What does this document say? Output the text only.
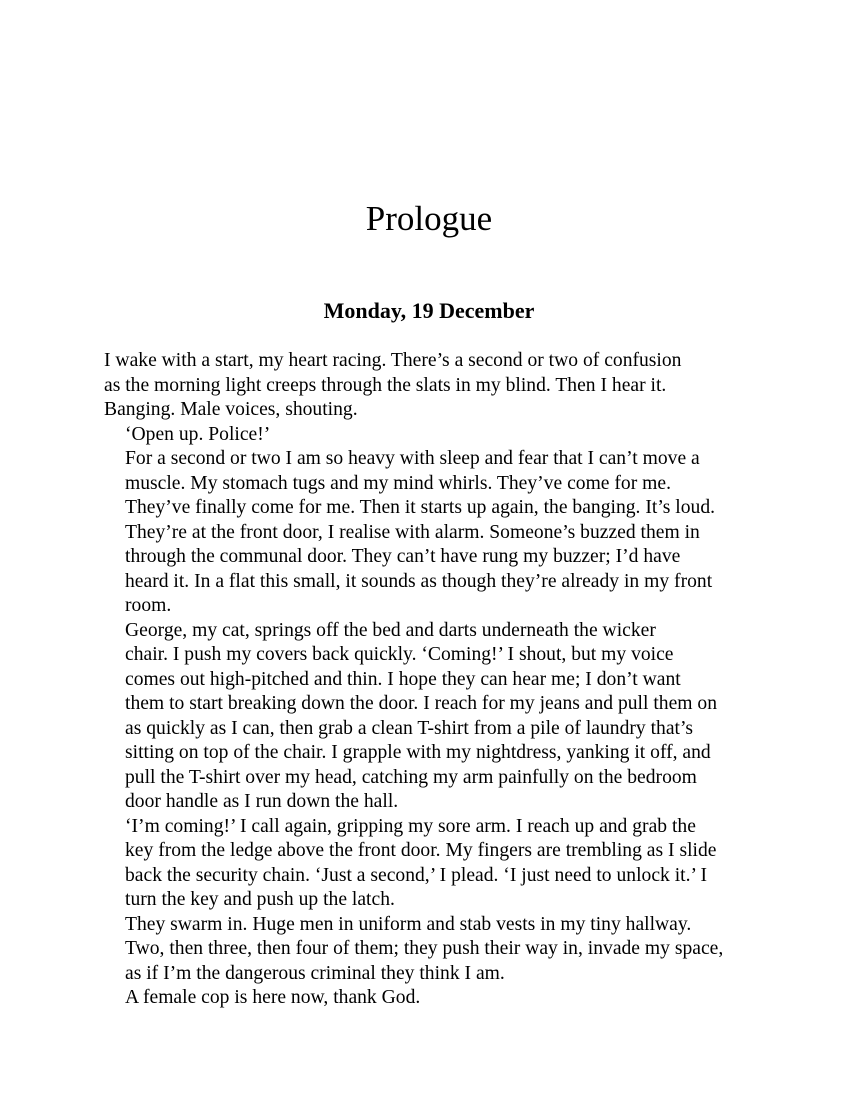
Prologue
Monday, 19 December

I wake with a start, my heart racing. There’s a second or two of confusion
as the morning light creeps through the slats in my blind. Then I hear it.
Banging. Male voices, shouting.

‘Open up. Police!’

For a second or two I am so heavy with sleep and fear that I can’t move a
muscle. My stomach tugs and my mind whirls. They’ve come for me.
They’ve finally come for me. Then it starts up again, the banging. It’s loud.
They’re at the front door, I realise with alarm. Someone’s buzzed them in
through the communal door. They can’t have rung my buzzer; I’d have
heard it. In a flat this small, it sounds as though they’re already in my front
room.

George, my cat, springs off the bed and darts underneath the wicker
chair. I push my covers back quickly. ‘Coming!’ I shout, but my voice
comes out high-pitched and thin. I hope they can hear me; I don’t want
them to start breaking down the door. I reach for my jeans and pull them on
as quickly as I can, then grab a clean T-shirt from a pile of laundry that’s
sitting on top of the chair. I grapple with my nightdress, yanking it off, and
pull the T-shirt over my head, catching my arm painfully on the bedroom
door handle as I run down the hall.

‘I’m coming!’ I call again, gripping my sore arm. I reach up and grab the
key from the ledge above the front door. My fingers are trembling as I slide
back the security chain. ‘Just a second,’ I plead. ‘I just need to unlock it.’ I
turn the key and push up the latch.

They swarm in. Huge men in uniform and stab vests in my tiny hallway.
Two, then three, then four of them; they push their way in, invade my space,
as if I’m the dangerous criminal they think I am.

A female cop is here now, thank God.
